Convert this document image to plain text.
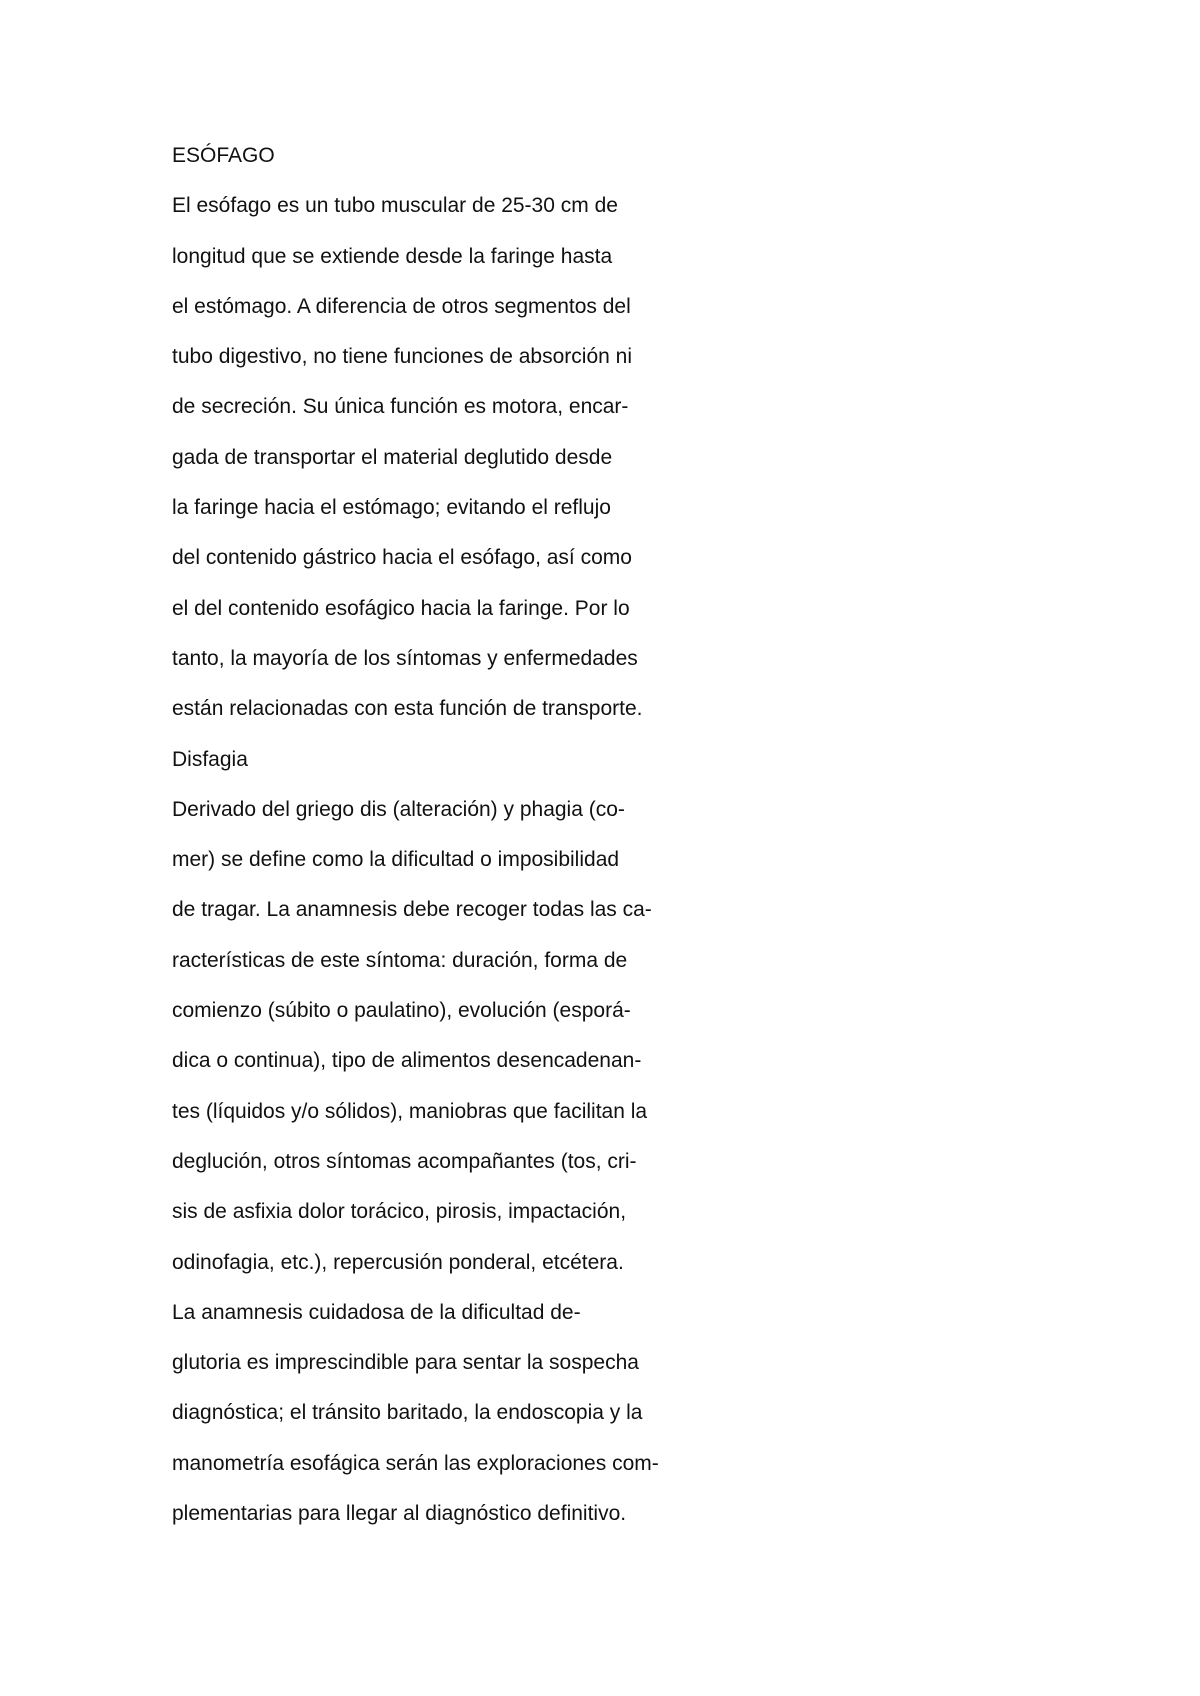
ESÓFAGO
El esófago es un tubo muscular de 25-30 cm de
longitud que se extiende desde la faringe hasta
el estómago. A diferencia de otros segmentos del
tubo digestivo, no tiene funciones de absorción ni
de secreción. Su única función es motora, encar-
gada de transportar el material deglutido desde
la faringe hacia el estómago; evitando el reflujo
del contenido gástrico hacia el esófago, así como
el del contenido esofágico hacia la faringe. Por lo
tanto, la mayoría de los síntomas y enfermedades
están relacionadas con esta función de transporte.
Disfagia
Derivado del griego dis (alteración) y phagia (co-
mer) se define como la dificultad o imposibilidad
de tragar. La anamnesis debe recoger todas las ca-
racterísticas de este síntoma: duración, forma de
comienzo (súbito o paulatino), evolución (esporá-
dica o continua), tipo de alimentos desencadenan-
tes (líquidos y/o sólidos), maniobras que facilitan la
deglución, otros síntomas acompañantes (tos, cri-
sis de asfixia dolor torácico, pirosis, impactación,
odinofagia, etc.), repercusión ponderal, etcétera.
La anamnesis cuidadosa de la dificultad de-
glutoria es imprescindible para sentar la sospecha
diagnóstica; el tránsito baritado, la endoscopia y la
manometría esofágica serán las exploraciones com-
plementarias para llegar al diagnóstico definitivo.
